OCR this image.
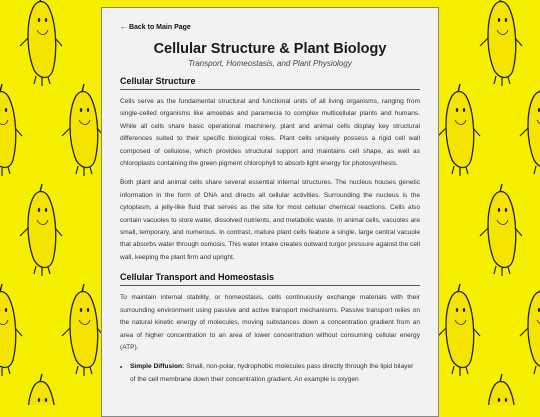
← Back to Main Page
Cellular Structure & Plant Biology
Transport, Homeostasis, and Plant Physiology
Cellular Structure

Cells serve as the fundamental structural and functional units of all living organisms, ranging from single-celled organisms like amoebas and paramecia to complex multicellular plants and humans. While all cells share basic operational machinery, plant and animal cells display key structural differences suited to their specific biological roles. Plant cells uniquely possess a rigid cell wall composed of cellulose, which provides structural support and maintains cell shape, as well as chloroplasts containing the green pigment chlorophyll to absorb light energy for photosynthesis.

Both plant and animal cells share several essential internal structures. The nucleus houses genetic information in the form of DNA and directs all cellular activities. Surrounding the nucleus is the cytoplasm, a jelly-like fluid that serves as the site for most cellular chemical reactions. Cells also contain vacuoles to store water, dissolved nutrients, and metabolic waste. In animal cells, vacuoles are small, temporary, and numerous. In contrast, mature plant cells feature a single, large central vacuole that absorbs water through osmosis. This water intake creates outward turgor pressure against the cell wall, keeping the plant firm and upright.

Cellular Transport and Homeostasis

To maintain internal stability, or homeostasis, cells continuously exchange materials with their surrounding environment using passive and active transport mechanisms. Passive transport relies on the natural kinetic energy of molecules, moving substances down a concentration gradient from an area of higher concentration to an area of lower concentration without consuming cellular energy (ATP).

• Simple Diffusion: Small, non-polar, hydrophobic molecules pass directly through the lipid bilayer of the cell membrane down their concentration gradient. An example is oxygen
